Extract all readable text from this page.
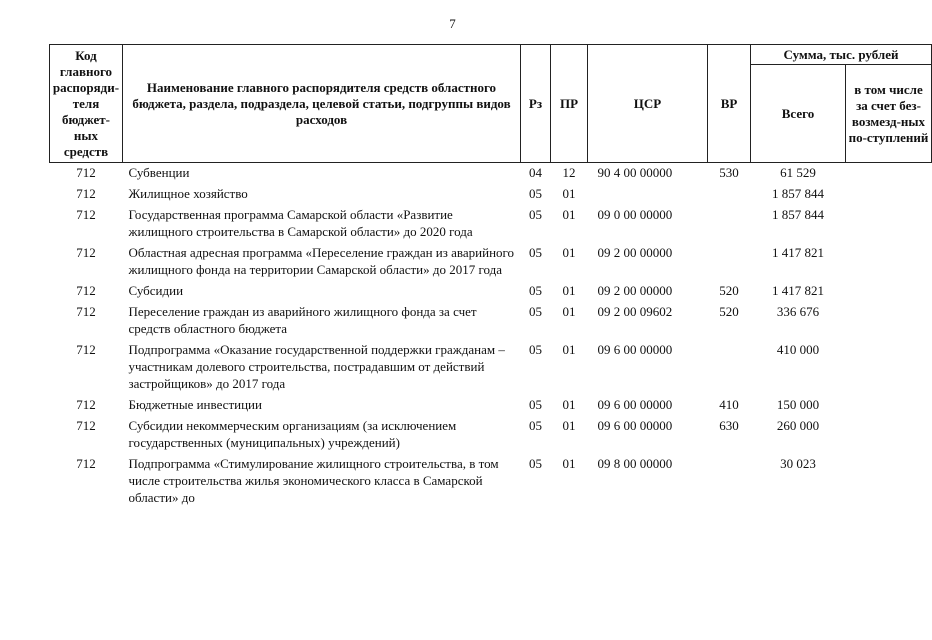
7
Код главного распоряди-теля бюджет-ных средств	Наименование главного распорядителя средств областного бюджета, раздела, подраздела, целевой статьи, подгруппы видов расходов	Рз	ПР	ЦСР	ВР	Сумма, тыс. рублей	
						Всего	в том числе за счет без-возмезд-ных по-ступлений
712	Субвенции	04	12	90 4 00 00000	530	61 529	
712	Жилищное хозяйство	05	01			1 857 844	
712	Государственная программа Самарской области «Развитие жилищного строительства в Самарской области» до 2020 года	05	01	09 0 00 00000		1 857 844	
712	Областная адресная программа «Переселение граждан из аварийного жилищного фонда на территории Самарской области» до 2017 года	05	01	09 2 00 00000		1 417 821	
712	Субсидии	05	01	09 2 00 00000	520	1 417 821	
712	Переселение граждан из аварийного жилищного фонда за счет средств областного бюджета	05	01	09 2 00 09602	520	336 676	
712	Подпрограмма «Оказание государственной поддержки гражданам – участникам долевого строительства, пострадавшим от действий застройщиков» до 2017 года	05	01	09 6 00 00000		410 000	
712	Бюджетные инвестиции	05	01	09 6 00 00000	410	150 000	
712	Субсидии некоммерческим организациям (за исключением государственных (муниципальных) учреждений)	05	01	09 6 00 00000	630	260 000	
712	Подпрограмма «Стимулирование жилищного строительства, в том числе строительства жилья экономического класса в Самарской области» до	05	01	09 8 00 00000		30 023	
